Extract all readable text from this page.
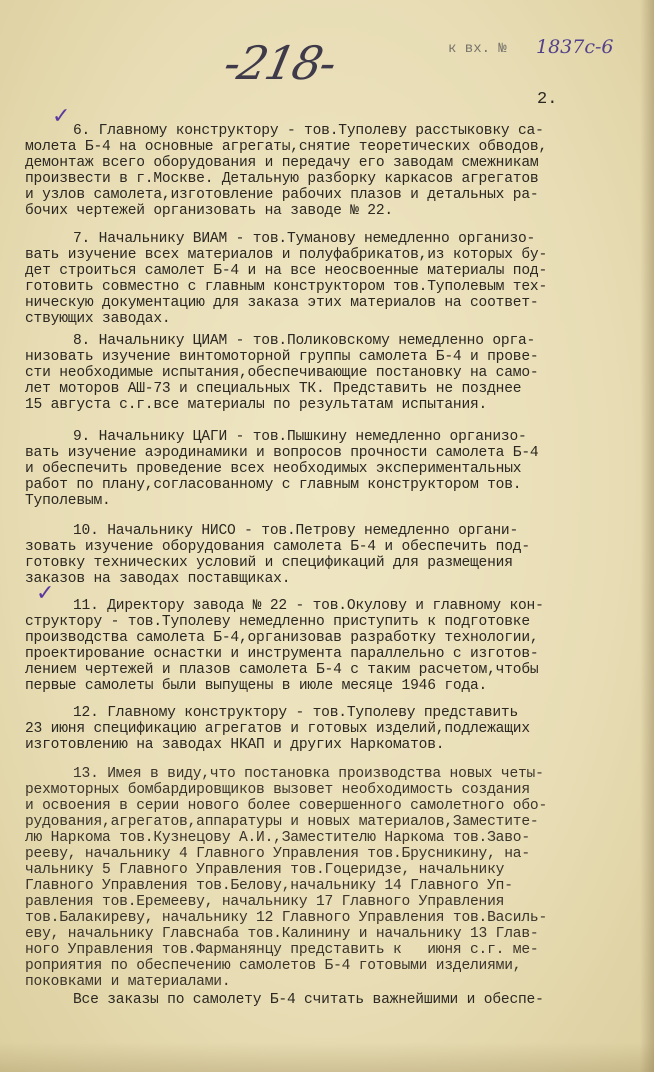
-218-	к вх. № 1837с-6
2.
✓
✓
6. Главному конструктору - тов.Туполеву расстыковку са-
молета Б-4 на основные агрегаты,снятие теоретических обводов,
демонтаж всего оборудования и передачу его заводам смежникам
произвести в г.Москве. Детальную разборку каркасов агрегатов
и узлов самолета,изготовление рабочих плазов и детальных ра-
бочих чертежей организовать на заводе № 22.
7. Начальнику ВИАМ - тов.Туманову немедленно организо-
вать изучение всех материалов и полуфабрикатов,из которых бу-
дет строиться самолет Б-4 и на все неосвоенные материалы под-
готовить совместно с главным конструктором тов.Туполевым тех-
ническую документацию для заказа этих материалов на соответ-
ствующих заводах.
8. Начальнику ЦИАМ - тов.Поликовскому немедленно орга-
низовать изучение винтомоторной группы самолета Б-4 и прове-
сти необходимые испытания,обеспечивающие постановку на само-
лет моторов АШ-73 и специальных ТК. Представить не позднее
15 августа с.г.все материалы по результатам испытания.
9. Начальнику ЦАГИ - тов.Пышкину немедленно организо-
вать изучение аэродинамики и вопросов прочности самолета Б-4
и обеспечить проведение всех необходимых экспериментальных
работ по плану,согласованному с главным конструктором тов.
Туполевым.
10. Начальнику НИСО - тов.Петрову немедленно органи-
зовать изучение оборудования самолета Б-4 и обеспечить под-
готовку технических условий и спецификаций для размещения
заказов на заводах поставщиках.
11. Директору завода № 22 - тов.Окулову и главному кон-
структору - тов.Туполеву немедленно приступить к подготовке
производства самолета Б-4,организовав разработку технологии,
проектирование оснастки и инструмента параллельно с изготов-
лением чертежей и плазов самолета Б-4 с таким расчетом,чтобы
первые самолеты были выпущены в июле месяце 1946 года.
12. Главному конструктору - тов.Туполеву представить
23 июня спецификацию агрегатов и готовых изделий,подлежащих
изготовлению на заводах НКАП и других Наркоматов.
13. Имея в виду,что постановка производства новых четы-
рехмоторных бомбардировщиков вызовет необходимость создания
и освоения в серии нового более совершенного самолетного обо-
рудования,агрегатов,аппаратуры и новых материалов,Заместите-
лю Наркома тов.Кузнецову А.И.,Заместителю Наркома тов.Заво-
рееву, начальнику 4 Главного Управления тов.Брусникину, на-
чальнику 5 Главного Управления тов.Гоцеридзе, начальнику
Главного Управления тов.Белову,начальнику 14 Главного Уп-
равления тов.Еремееву, начальнику 17 Главного Управления
тов.Балакиреву, начальнику 12 Главного Управления тов.Василь-
еву, начальнику Главснаба тов.Калинину и начальнику 13 Глав-
ного Управления тов.Фарманянцу представить к   июня с.г. ме-
роприятия по обеспечению самолетов Б-4 готовыми изделиями,
поковками и материалами.
Все заказы по самолету Б-4 считать важнейшими и обеспе-
